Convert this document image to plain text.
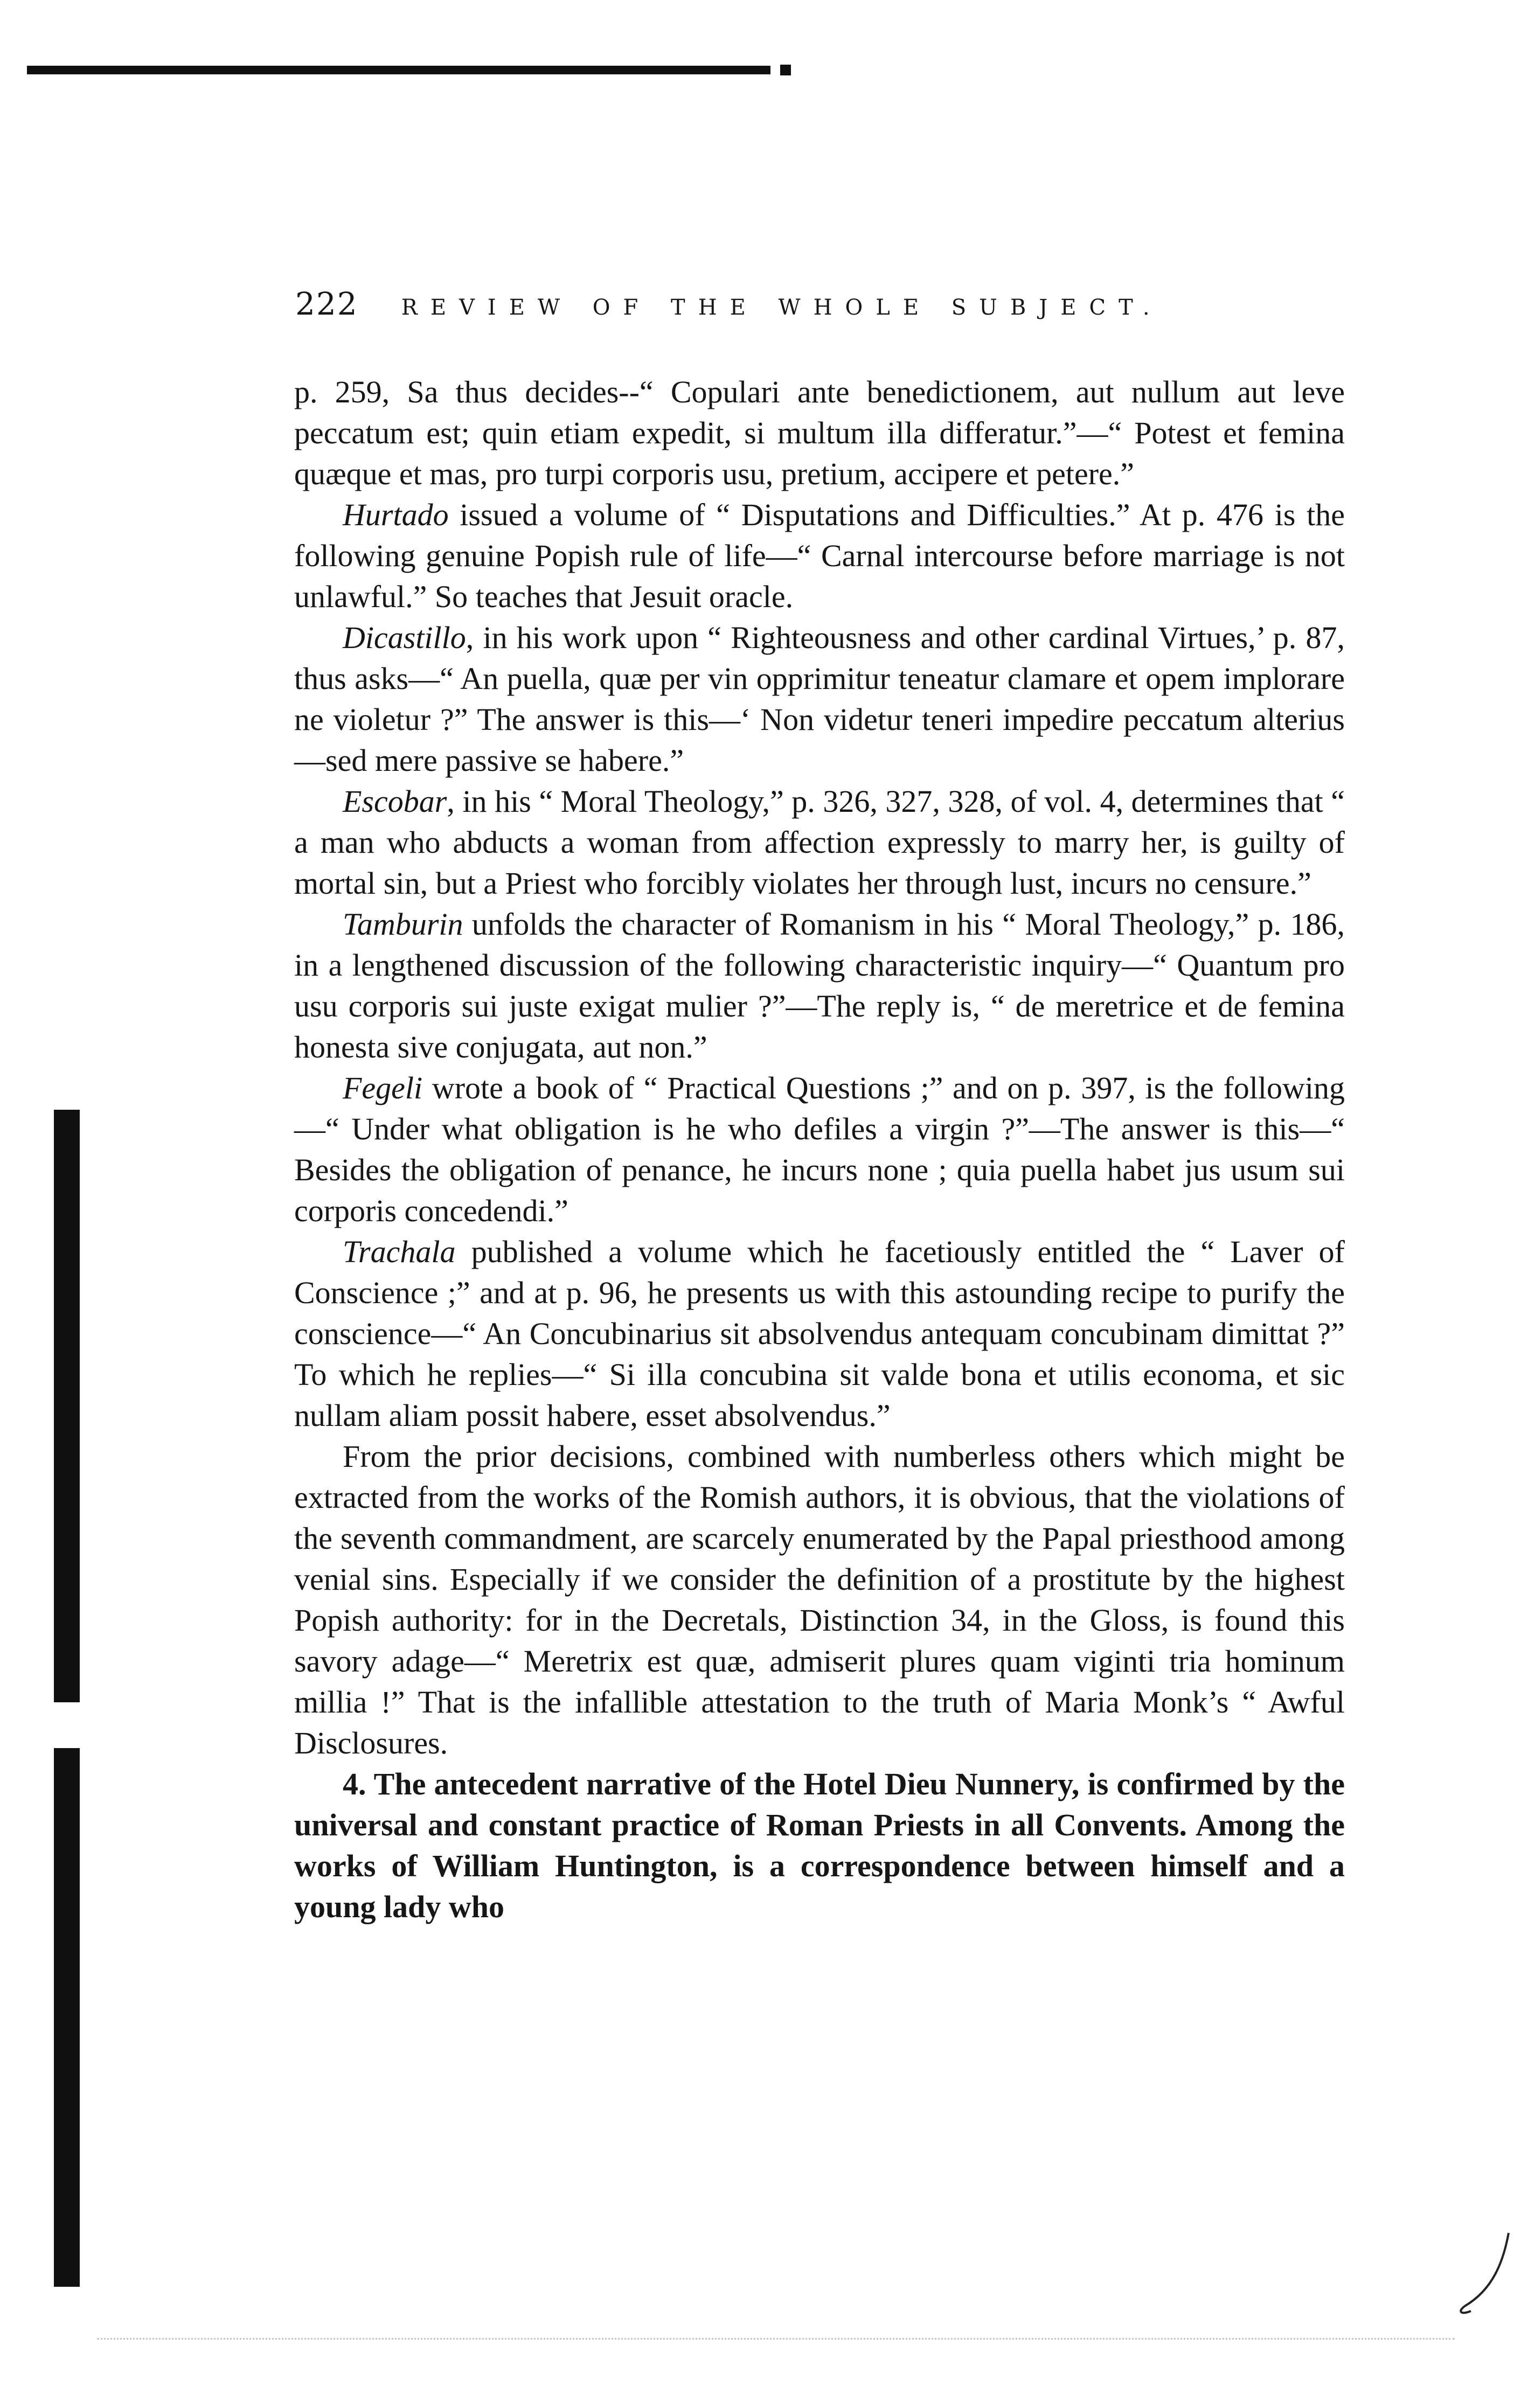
222 REVIEW OF THE WHOLE SUBJECT.

p. 259, Sa thus decides--“ Copulari ante benedictionem, aut nullum aut leve peccatum est; quin etiam expedit, si multum illa differatur.”—“ Potest et femina quæque et mas, pro turpi corporis usu, pretium, accipere et petere.”

Hurtado issued a volume of “ Disputations and Difficulties.” At p. 476 is the following genuine Popish rule of life—“ Carnal intercourse before marriage is not unlawful.” So teaches that Jesuit oracle.

Dicastillo, in his work upon “ Righteousness and other cardinal Virtues,’ p. 87, thus asks—“ An puella, quæ per vin opprimitur teneatur clamare et opem implorare ne violetur ?” The answer is this—‘ Non videtur teneri impedire peccatum alterius —sed mere passive se habere.”

Escobar, in his “ Moral Theology,” p. 326, 327, 328, of vol. 4, determines that “ a man who abducts a woman from affection expressly to marry her, is guilty of mortal sin, but a Priest who forcibly violates her through lust, incurs no censure.”

Tamburin unfolds the character of Romanism in his “ Moral Theology,” p. 186, in a lengthened discussion of the following characteristic inquiry—“ Quantum pro usu corporis sui juste exigat mulier ?”—The reply is, “ de meretrice et de femina honesta sive conjugata, aut non.”

Fegeli wrote a book of “ Practical Questions ;” and on p. 397, is the following—“ Under what obligation is he who defiles a virgin ?”—The answer is this—“ Besides the obligation of penance, he incurs none ; quia puella habet jus usum sui corporis concedendi.”

Trachala published a volume which he facetiously entitled the “ Laver of Conscience ;” and at p. 96, he presents us with this astounding recipe to purify the conscience—“ An Concubinarius sit absolvendus antequam concubinam dimittat ?” To which he replies—“ Si illa concubina sit valde bona et utilis economa, et sic nullam aliam possit habere, esset absolvendus.”

From the prior decisions, combined with numberless others which might be extracted from the works of the Romish authors, it is obvious, that the violations of the seventh commandment, are scarcely enumerated by the Papal priesthood among venial sins. Especially if we consider the definition of a prostitute by the highest Popish authority: for in the Decretals, Distinction 34, in the Gloss, is found this savory adage—“ Meretrix est quæ, admiserit plures quam viginti tria hominum millia !” That is the infallible attestation to the truth of Maria Monk’s “ Awful Disclosures.

4. The antecedent narrative of the Hotel Dieu Nunnery, is confirmed by the universal and constant practice of Roman Priests in all Convents. Among the works of William Huntington, is a correspondence between himself and a young lady who
